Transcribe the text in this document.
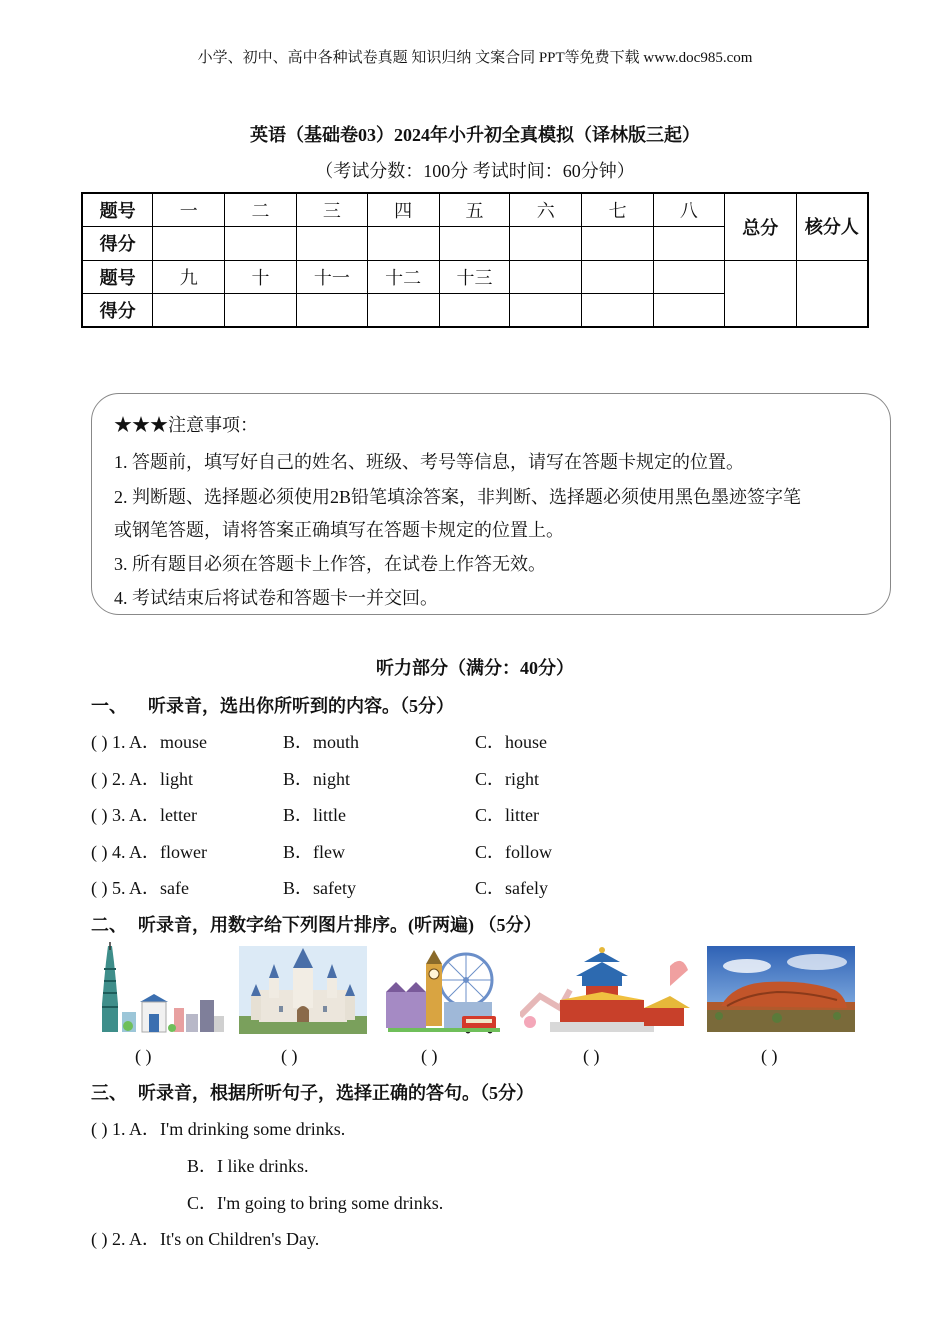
小学、初中、高中各种试卷真题 知识归纳 文案合同 PPT等免费下载 www.doc985.com
英语（基础卷03）2024年小升初全真模拟（译林版三起）
（考试分数：100分 考试时间：60分钟）
题号	一	二	三	四	五	六	七	八	总分	核分人
得分										
题号	九	十	十一	十二	十三					
得分										
★★★注意事项：
1. 答题前，填写好自己的姓名、班级、考号等信息，请写在答题卡规定的位置。
2. 判断题、选择题必须使用2B铅笔填涂答案，非判断、选择题必须使用黑色墨迹签字笔
或钢笔答题，请将答案正确填写在答题卡规定的位置上。
3. 所有题目必须在答题卡上作答，在试卷上作答无效。
4. 考试结束后将试卷和答题卡一并交回。
听力部分（满分：40分）
一、 听录音，选出你所听到的内容。（5分）
( ) 1. A．mouse	B．mouth	C．house
( ) 2. A．light	B．night	C．right
( ) 3. A．letter	B．little	C．litter
( ) 4. A．flower	B．flew	C．follow
( ) 5. A．safe	B．safety	C．safely
二、 听录音，用数字给下列图片排序。(听两遍) （5分）
( )	( )	( )	( )	( )
三、 听录音，根据所听句子，选择正确的答句。（5分）
( ) 1. A．I'm drinking some drinks.
B．I like drinks.
C．I'm going to bring some drinks.
( ) 2. A．It's on Children's Day.
